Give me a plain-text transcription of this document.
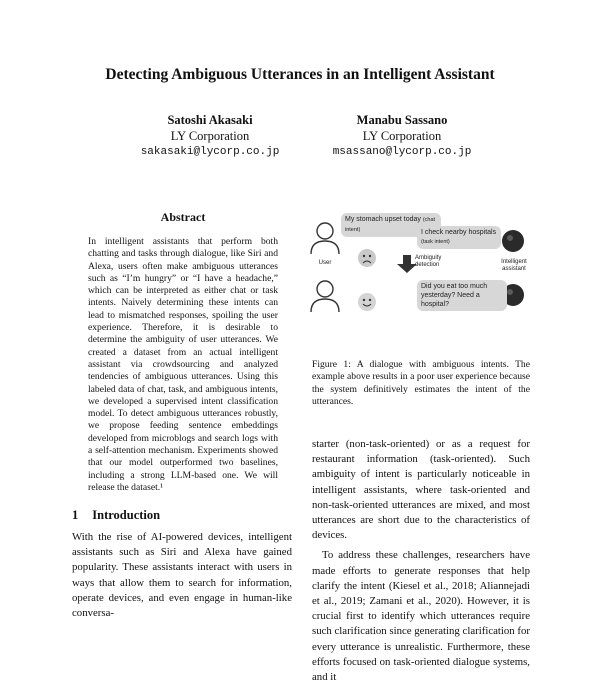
Detecting Ambiguous Utterances in an Intelligent Assistant
Satoshi Akasaki
LY Corporation
sakasaki@lycorp.co.jp
Manabu Sassano
LY Corporation
msassano@lycorp.co.jp
Abstract
In intelligent assistants that perform both chatting and tasks through dialogue, like Siri and Alexa, users often make ambiguous utterances such as “I’m hungry” or “I have a headache,” which can be interpreted as either chat or task intents. Naively determining these intents can lead to mismatched responses, spoiling the user experience. Therefore, it is desirable to determine the ambiguity of user utterances. We created a dataset from an actual intelligent assistant via crowdsourcing and analyzed tendencies of ambiguous utterances. Using this labeled data of chat, task, and ambiguous intents, we developed a supervised intent classification model. To detect ambiguous utterances robustly, we propose feeding sentence embeddings developed from microblogs and search logs with a self-attention mechanism. Experiments showed that our model outperformed two baselines, including a strong LLM-based one. We will release the dataset.¹
1 Introduction
With the rise of AI-powered devices, intelligent assistants such as Siri and Alexa have gained popularity. These assistants interact with users in ways that allow them to search for information, operate devices, and even engage in human-like conversa-
My stomach upset today (chat intent)	I check nearby hospitals (task intent)
Did you eat too much yesterday? Need a hospital?
User
Ambiguity detection	Intelligent assistant
Figure 1: A dialogue with ambiguous intents. The example above results in a poor user experience because the system definitively estimates the intent of the utterances.

starter (non-task-oriented) or as a request for restaurant information (task-oriented). Such ambiguity of intent is particularly noticeable in intelligent assistants, where task-oriented and non-task-oriented utterances are mixed, and most utterances are short due to the characteristics of devices.

To address these challenges, researchers have made efforts to generate responses that help clarify the intent (Kiesel et al., 2018; Aliannejadi et al., 2019; Zamani et al., 2020). However, it is crucial first to identify which utterances require such clarification since generating clarification for every utterance is unrealistic. Furthermore, these efforts focused on task-oriented dialogue systems, and it
